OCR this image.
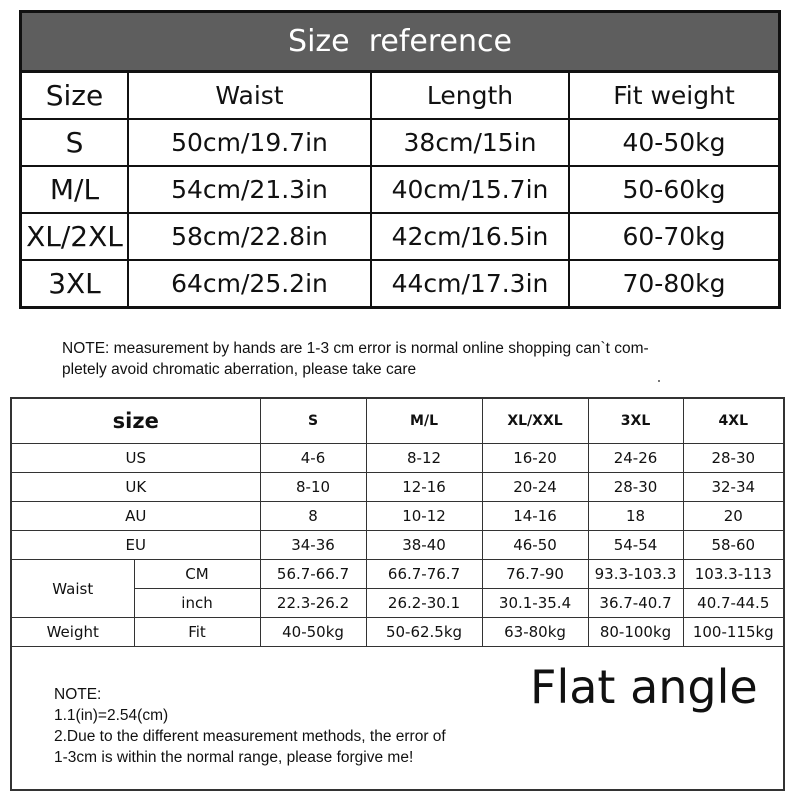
Size  reference
Size	Waist	Length	Fit weight
S	50cm/19.7in	38cm/15in	40-50kg
M/L	54cm/21.3in	40cm/15.7in	50-60kg
XL/2XL	58cm/22.8in	42cm/16.5in	60-70kg
3XL	64cm/25.2in	44cm/17.3in	70-80kg
NOTE: measurement by hands are 1-3 cm error is normal online shopping can`t com-
pletely avoid chromatic aberration, please take care
size		S	M/L	XL/XXL	3XL	4XL
US		4-6	8-12	16-20	24-26	28-30
UK		8-10	12-16	20-24	28-30	32-34
AU		8	10-12	14-16	18	20
EU		34-36	38-40	46-50	54-54	58-60
Waist	CM	56.7-66.7	66.7-76.7	76.7-90	93.3-103.3	103.3-113
	inch	22.3-26.2	26.2-30.1	30.1-35.4	36.7-40.7	40.7-44.5
Weight	Fit	40-50kg	50-62.5kg	63-80kg	80-100kg	100-115kg
Flat angle
NOTE:
1.1(in)=2.54(cm)
2.Due to the different measurement methods, the error of
1-3cm is within the normal range, please forgive me!
